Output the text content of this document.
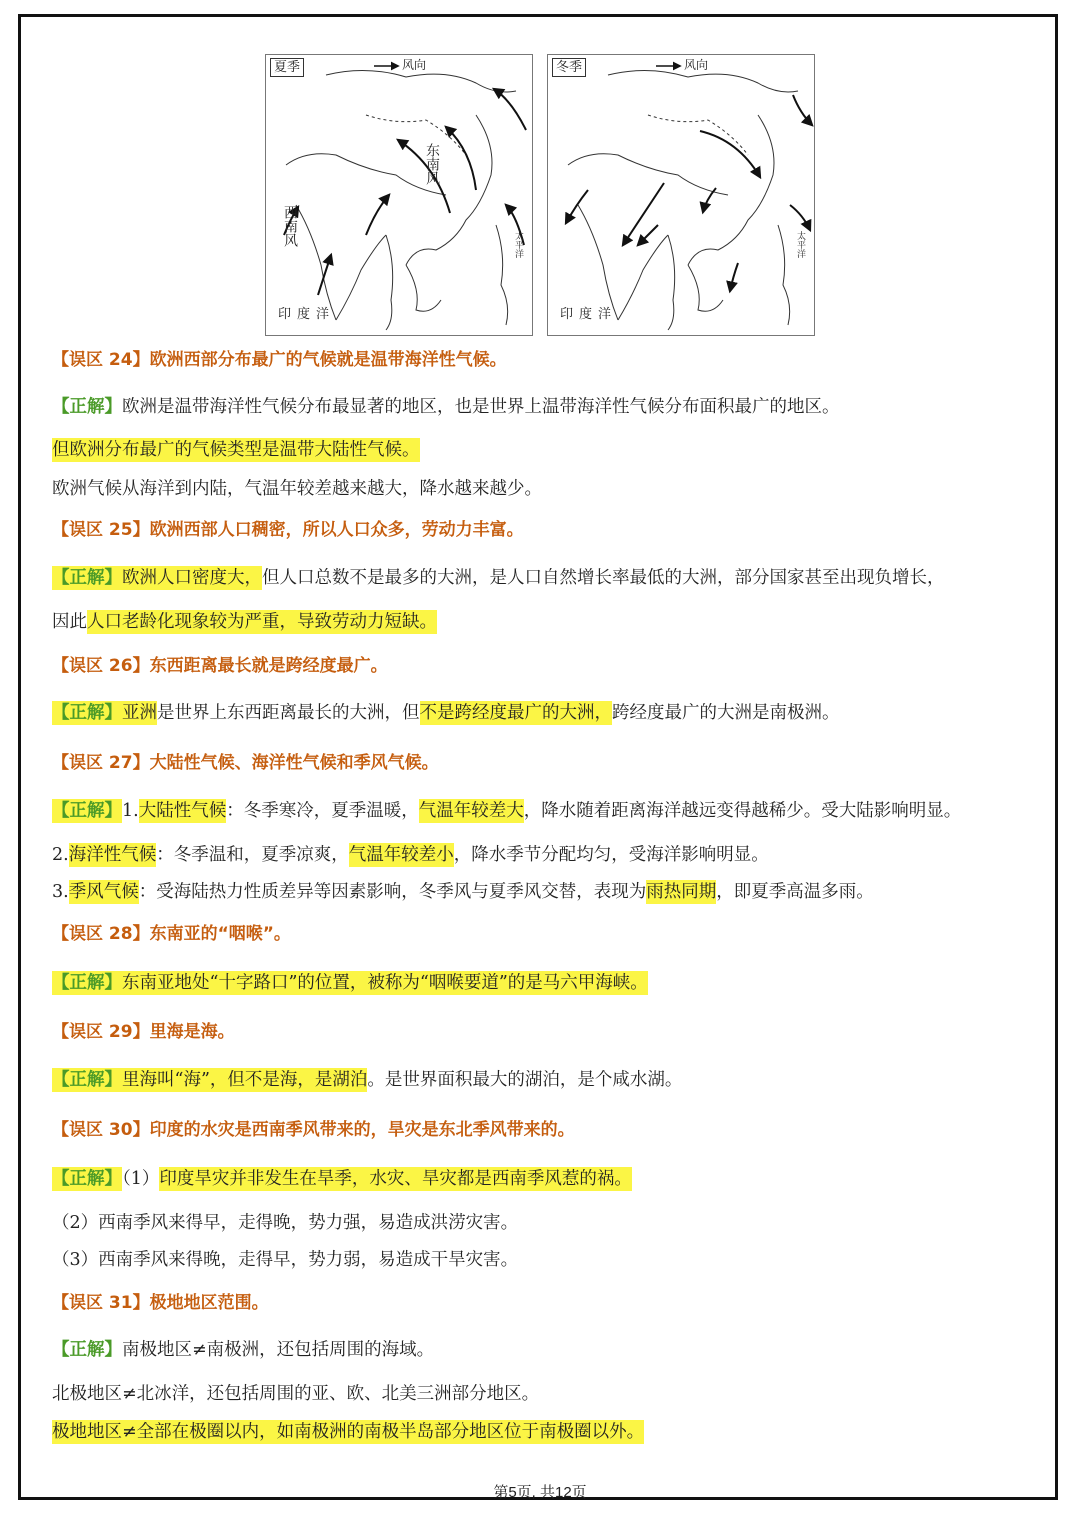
夏季	风向
东南风
西南风	太平洋
印度洋
冬季	风向
太平洋
印度洋
【误区 24】欧洲西部分布最广的气候就是温带海洋性气候。
【正解】欧洲是温带海洋性气候分布最显著的地区，也是世界上温带海洋性气候分布面积最广的地区。
但欧洲分布最广的气候类型是温带大陆性气候。
欧洲气候从海洋到内陆，气温年较差越来越大，降水越来越少。
【误区 25】欧洲西部人口稠密，所以人口众多，劳动力丰富。
【正解】欧洲人口密度大，但人口总数不是最多的大洲，是人口自然增长率最低的大洲，部分国家甚至出现负增长，
因此人口老龄化现象较为严重，导致劳动力短缺。
【误区 26】东西距离最长就是跨经度最广。
【正解】亚洲是世界上东西距离最长的大洲，但不是跨经度最广的大洲，跨经度最广的大洲是南极洲。
【误区 27】大陆性气候、海洋性气候和季风气候。
【正解】1.大陆性气候：冬季寒冷，夏季温暖，气温年较差大，降水随着距离海洋越远变得越稀少。受大陆影响明显。
2.海洋性气候：冬季温和，夏季凉爽，气温年较差小，降水季节分配均匀，受海洋影响明显。
3.季风气候：受海陆热力性质差异等因素影响，冬季风与夏季风交替，表现为雨热同期，即夏季高温多雨。
【误区 28】东南亚的“咽喉”。
【正解】东南亚地处“十字路口”的位置，被称为“咽喉要道”的是马六甲海峡。
【误区 29】里海是海。
【正解】里海叫“海”，但不是海，是湖泊。是世界面积最大的湖泊，是个咸水湖。
【误区 30】印度的水灾是西南季风带来的，旱灾是东北季风带来的。
【正解】（1）印度旱灾并非发生在旱季，水灾、旱灾都是西南季风惹的祸。
（2）西南季风来得早，走得晚，势力强，易造成洪涝灾害。
（3）西南季风来得晚，走得早，势力弱，易造成干旱灾害。
【误区 31】极地地区范围。
【正解】南极地区≠南极洲，还包括周围的海域。
北极地区≠北冰洋，还包括周围的亚、欧、北美三洲部分地区。
极地地区≠全部在极圈以内，如南极洲的南极半岛部分地区位于南极圈以外。
第5页, 共12页
